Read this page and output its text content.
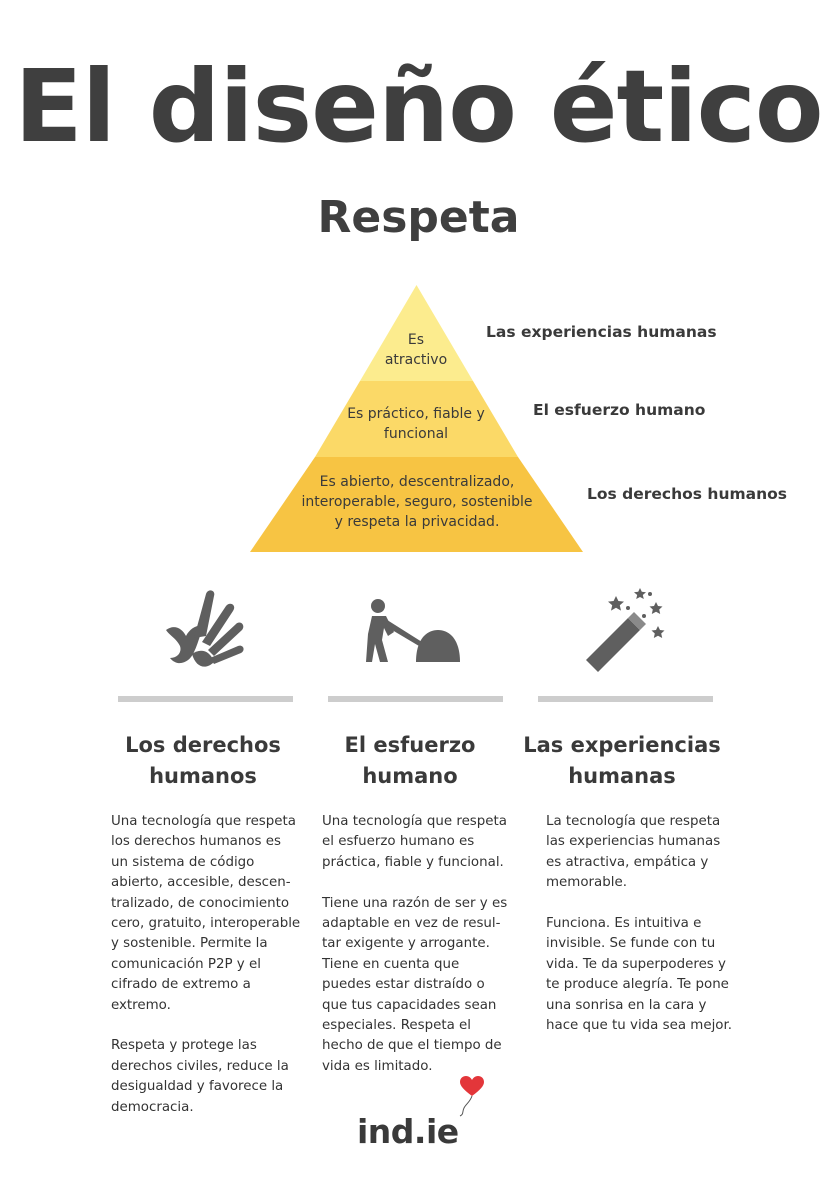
El diseño ético
Respeta
Es
atractivo
Es práctico, fiable y
funcional
Es abierto, descentralizado,
interoperable, seguro, sostenible
y respeta la privacidad.
Las experiencias humanas
El esfuerzo humano
Los derechos humanos
Los derechos
humanos
El esfuerzo
humano
Las experiencias
humanas

Una tecnología que respeta
los derechos humanos es
un sistema de código
abierto, accesible, descen-
tralizado, de conocimiento
cero, gratuito, interoperable
y sostenible. Permite la
comunicación P2P y el
cifrado de extremo a
extremo.

Respeta y protege las
derechos civiles, reduce la
desigualdad y favorece la
democracia.

Una tecnología que respeta
el esfuerzo humano es
práctica, fiable y funcional.

Tiene una razón de ser y es
adaptable en vez de resul-
tar exigente y arrogante.
Tiene en cuenta que
puedes estar distraído o
que tus capacidades sean
especiales. Respeta el
hecho de que el tiempo de
vida es limitado.

La tecnología que respeta
las experiencias humanas
es atractiva, empática y
memorable.

Funciona. Es intuitiva e
invisible. Se funde con tu
vida. Te da superpoderes y
te produce alegría. Te pone
una sonrisa en la cara y
hace que tu vida sea mejor.

ind.ie
